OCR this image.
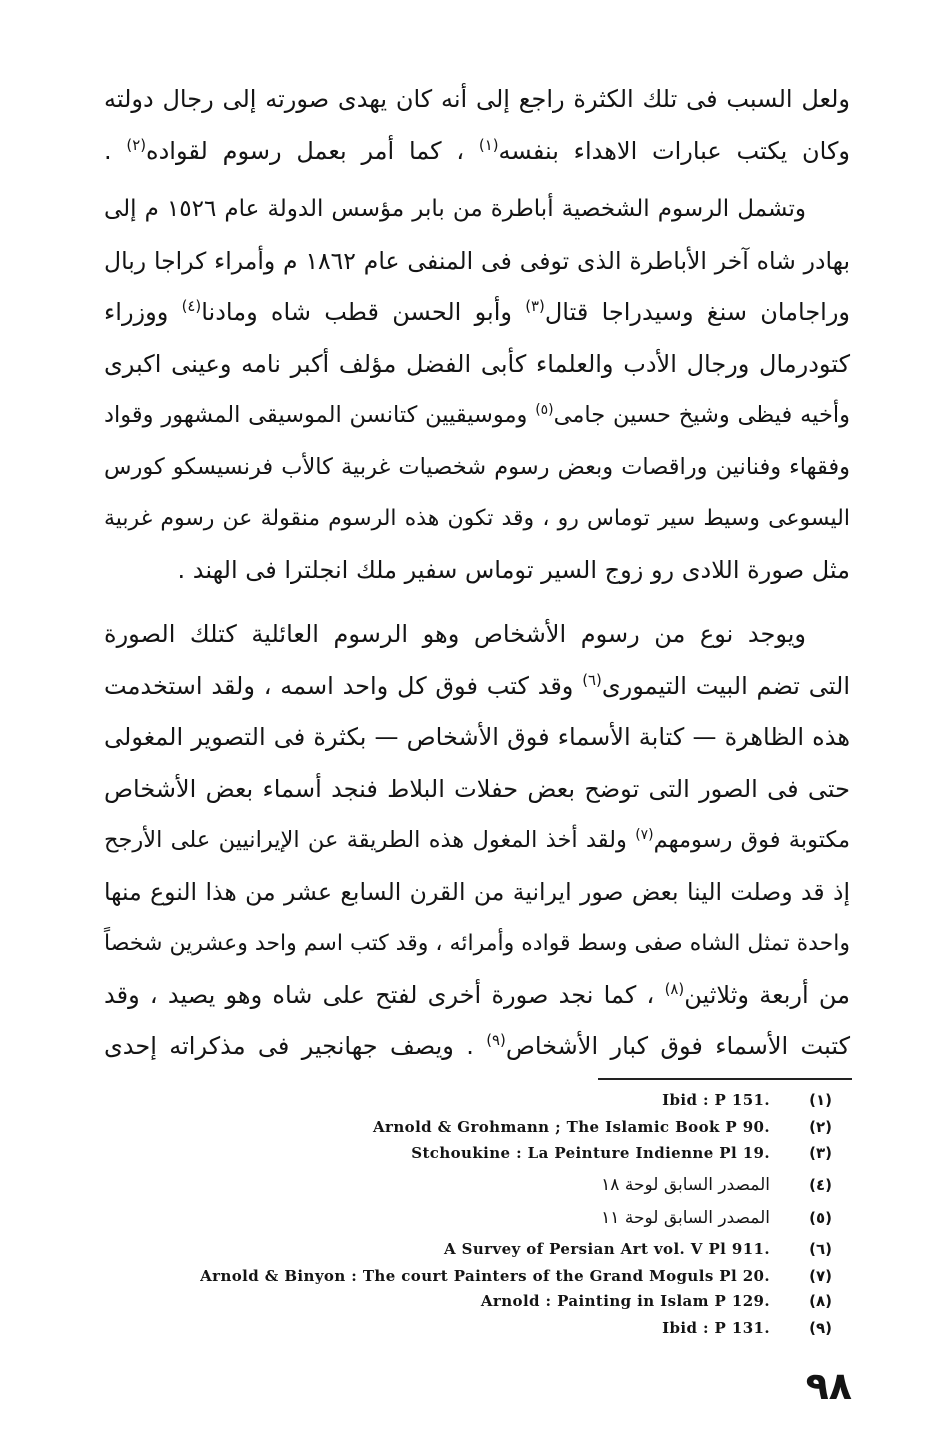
ولعل السبب فى تلك الكثرة راجع إلى أنه كان يهدى صورته إلى رجال دولته
وكان يكتب عبارات الاهداء بنفسه$^{(١)}$ ، كما أمر بعمل رسوم لقواده$^{(٢)}$ .
وتشمل الرسوم الشخصية أباطرة من بابر مؤسس الدولة عام ١٥٢٦ م إلى
بهادر شاه آخر الأباطرة الذى توفى فى المنفى عام ١٨٦٢ م وأمراء كراجا ربال
وراجامان سنغ وسيدراجا قتال$^{(٣)}$ وأبو الحسن قطب شاه ومادنا$^{(٤)}$ ووزراء
كتودرمال ورجال الأدب والعلماء كأبى الفضل مؤلف أكبر نامه وعينى اكبرى
وأخيه فيظى وشيخ حسين جامى$^{(٥)}$ وموسيقيين كتانسن الموسيقى المشهور وقواد
وفقهاء وفنانين وراقصات وبعض رسوم شخصيات غربية كالأب فرنسيسكو كورس
اليسوعى وسيط سير توماس رو ، وقد تكون هذه الرسوم منقولة عن رسوم غربية
مثل صورة اللادى رو زوج السير توماس سفير ملك انجلترا فى الهند .
ويوجد نوع من رسوم الأشخاص وهو الرسوم العائلية كتلك الصورة
التى تضم البيت التيمورى$^{(٦)}$ وقد كتب فوق كل واحد اسمه ، ولقد استخدمت
هذه الظاهرة — كتابة الأسماء فوق الأشخاص — بكثرة فى التصوير المغولى
حتى فى الصور التى توضح بعض حفلات البلاط فنجد أسماء بعض الأشخاص
مكتوبة فوق رسومهم$^{(٧)}$ ولقد أخذ المغول هذه الطريقة عن الإيرانيين على الأرجح
إذ قد وصلت الينا بعض صور ايرانية من القرن السابع عشر من هذا النوع منها
واحدة تمثل الشاه صفى وسط قواده وأمرائه ، وقد كتب اسم واحد وعشرين شخصاً
من أربعة وثلاثين$^{(٨)}$ ، كما نجد صورة أخرى لفتح على شاه وهو يصيد ، وقد
كتبت الأسماء فوق كبار الأشخاص$^{(٩)}$ . ويصف جهانجير فى مذكراته إحدى
(١)
Ibid : P 151.
(٢)
Arnold & Grohmann ; The Islamic Book P 90.
(٣)
Stchoukine : La Peinture Indienne Pl 19.
(٤)
المصدر السابق لوحة ١٨
(٥)
المصدر السابق لوحة ١١
(٦)
A Survey of Persian Art vol. V Pl 911.
(٧)
Arnold & Binyon : The court Painters of the Grand Moguls Pl 20.
(٨)
Arnold : Painting in Islam P 129.
(٩)
Ibid : P 131.
٩٨
